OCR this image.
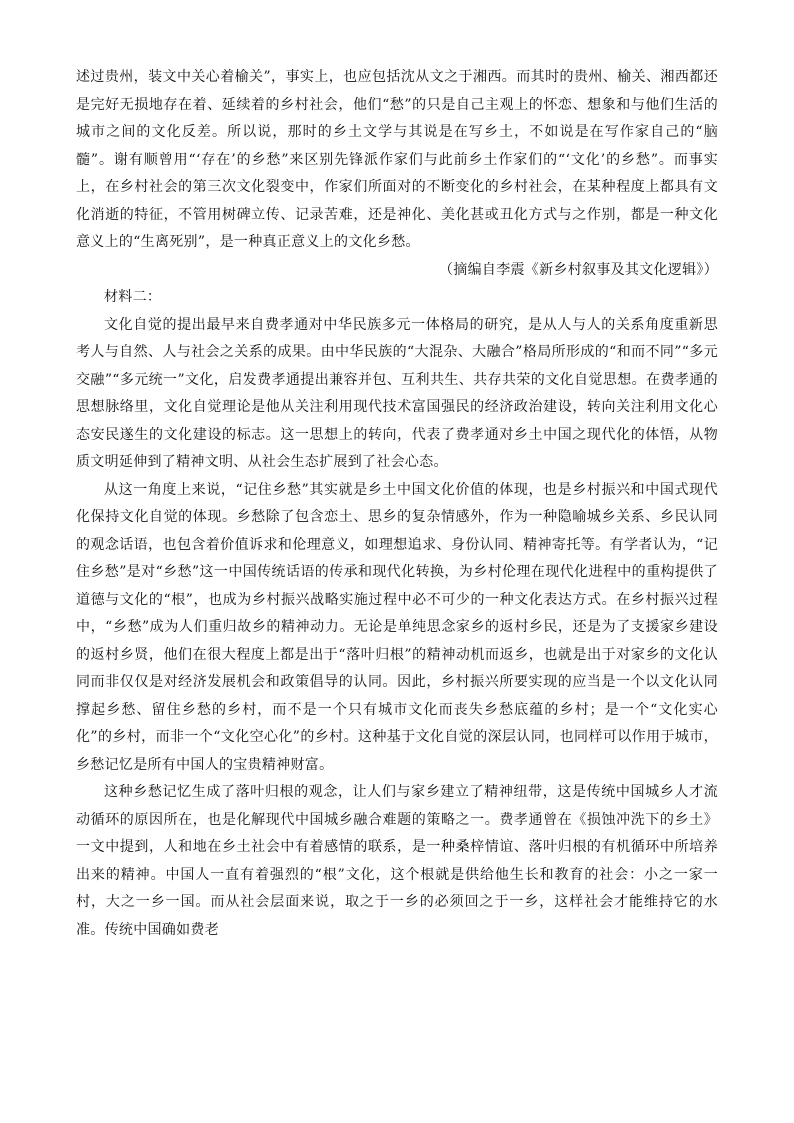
述过贵州，装文中关心着榆关”，事实上，也应包括沈从文之于湘西。而其时的贵州、榆关、湘西都还是完好无损地存在着、延续着的乡村社会，他们“愁”的只是自己主观上的怀恋、想象和与他们生活的城市之间的文化反差。所以说，那时的乡土文学与其说是在写乡土，不如说是在写作家自己的“脑髓”。谢有顺曾用“‘存在’的乡愁”来区别先锋派作家们与此前乡土作家们的“‘文化’的乡愁”。而事实上，在乡村社会的第三次文化裂变中，作家们所面对的不断变化的乡村社会，在某种程度上都具有文化消逝的特征，不管用树碑立传、记录苦难，还是神化、美化甚或丑化方式与之作别，都是一种文化意义上的“生离死别”，是一种真正意义上的文化乡愁。

（摘编自李震《新乡村叙事及其文化逻辑》）

材料二：

文化自觉的提出最早来自费孝通对中华民族多元一体格局的研究，是从人与人的关系角度重新思考人与自然、人与社会之关系的成果。由中华民族的“大混杂、大融合”格局所形成的“和而不同”“多元交融”“多元统一”文化，启发费孝通提出兼容并包、互利共生、共存共荣的文化自觉思想。在费孝通的思想脉络里，文化自觉理论是他从关注利用现代技术富国强民的经济政治建设，转向关注利用文化心态安民遂生的文化建设的标志。这一思想上的转向，代表了费孝通对乡土中国之现代化的体悟，从物质文明延伸到了精神文明、从社会生态扩展到了社会心态。

从这一角度上来说，“记住乡愁”其实就是乡土中国文化价值的体现，也是乡村振兴和中国式现代化保持文化自觉的体现。乡愁除了包含恋土、思乡的复杂情感外，作为一种隐喻城乡关系、乡民认同的观念话语，也包含着价值诉求和伦理意义，如理想追求、身份认同、精神寄托等。有学者认为，“记住乡愁”是对“乡愁”这一中国传统话语的传承和现代化转换，为乡村伦理在现代化进程中的重构提供了道德与文化的“根”，也成为乡村振兴战略实施过程中必不可少的一种文化表达方式。在乡村振兴过程中，“乡愁”成为人们重归故乡的精神动力。无论是单纯思念家乡的返村乡民，还是为了支援家乡建设的返村乡贤，他们在很大程度上都是出于“落叶归根”的精神动机而返乡，也就是出于对家乡的文化认同而非仅仅是对经济发展机会和政策倡导的认同。因此，乡村振兴所要实现的应当是一个以文化认同撑起乡愁、留住乡愁的乡村，而不是一个只有城市文化而丧失乡愁底蕴的乡村；是一个“文化实心化”的乡村，而非一个“文化空心化”的乡村。这种基于文化自觉的深层认同，也同样可以作用于城市，乡愁记忆是所有中国人的宝贵精神财富。

这种乡愁记忆生成了落叶归根的观念，让人们与家乡建立了精神纽带，这是传统中国城乡人才流动循环的原因所在，也是化解现代中国城乡融合难题的策略之一。费孝通曾在《损蚀冲洗下的乡土》一文中提到，人和地在乡土社会中有着感情的联系，是一种桑梓情谊、落叶归根的有机循环中所培养出来的精神。中国人一直有着强烈的“根”文化，这个根就是供给他生长和教育的社会：小之一家一村，大之一乡一国。而从社会层面来说，取之于一乡的必须回之于一乡，这样社会才能维持它的水准。传统中国确如费老
